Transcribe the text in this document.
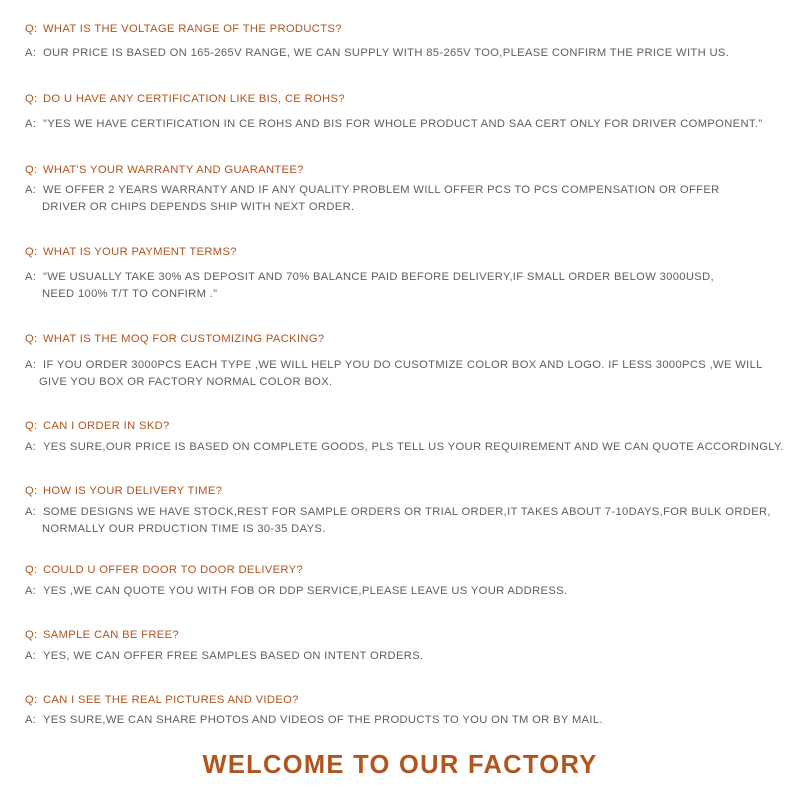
Q: WHAT IS THE VOLTAGE RANGE OF THE PRODUCTS?

A: OUR PRICE IS BASED ON 165-265V RANGE, WE CAN SUPPLY WITH 85-265V TOO,PLEASE CONFIRM THE PRICE WITH US.

Q: DO U HAVE ANY CERTIFICATION LIKE BIS, CE ROHS?

A: "YES WE HAVE CERTIFICATION IN CE ROHS AND BIS FOR WHOLE PRODUCT AND SAA CERT ONLY FOR DRIVER COMPONENT."

Q: WHAT'S YOUR WARRANTY AND GUARANTEE?

A: WE OFFER 2 YEARS WARRANTY AND IF ANY QUALITY PROBLEM WILL OFFER PCS TO PCS COMPENSATION OR OFFER
DRIVER OR CHIPS DEPENDS SHIP WITH NEXT ORDER.

Q: WHAT IS YOUR PAYMENT TERMS?

A: "WE USUALLY TAKE 30% AS DEPOSIT AND 70% BALANCE PAID BEFORE DELIVERY,IF SMALL ORDER BELOW 3000USD,
NEED 100% T/T TO CONFIRM ."

Q: WHAT IS THE MOQ FOR CUSTOMIZING PACKING?

A: IF YOU ORDER 3000PCS EACH TYPE ,WE WILL HELP YOU DO CUSOTMIZE COLOR BOX AND LOGO. IF LESS 3000PCS ,WE WILL
GIVE YOU BOX OR FACTORY NORMAL COLOR BOX.

Q: CAN I ORDER IN SKD?

A: YES SURE,OUR PRICE IS BASED ON COMPLETE GOODS, PLS TELL US YOUR REQUIREMENT AND WE CAN QUOTE ACCORDINGLY.

Q: HOW IS YOUR DELIVERY TIME?

A: SOME DESIGNS WE HAVE STOCK,REST FOR SAMPLE ORDERS OR TRIAL ORDER,IT TAKES ABOUT 7-10DAYS,FOR BULK ORDER,
NORMALLY OUR PRDUCTION TIME IS 30-35 DAYS.

Q: COULD U OFFER DOOR TO DOOR DELIVERY?

A: YES ,WE CAN QUOTE YOU WITH FOB OR DDP SERVICE,PLEASE LEAVE US YOUR ADDRESS.

Q: SAMPLE CAN BE FREE?

A: YES, WE CAN OFFER FREE SAMPLES BASED ON INTENT ORDERS.

Q: CAN I SEE THE REAL PICTURES AND VIDEO?

A: YES SURE,WE CAN SHARE PHOTOS AND VIDEOS OF THE PRODUCTS TO YOU ON TM OR BY MAIL.

WELCOME TO OUR FACTORY
